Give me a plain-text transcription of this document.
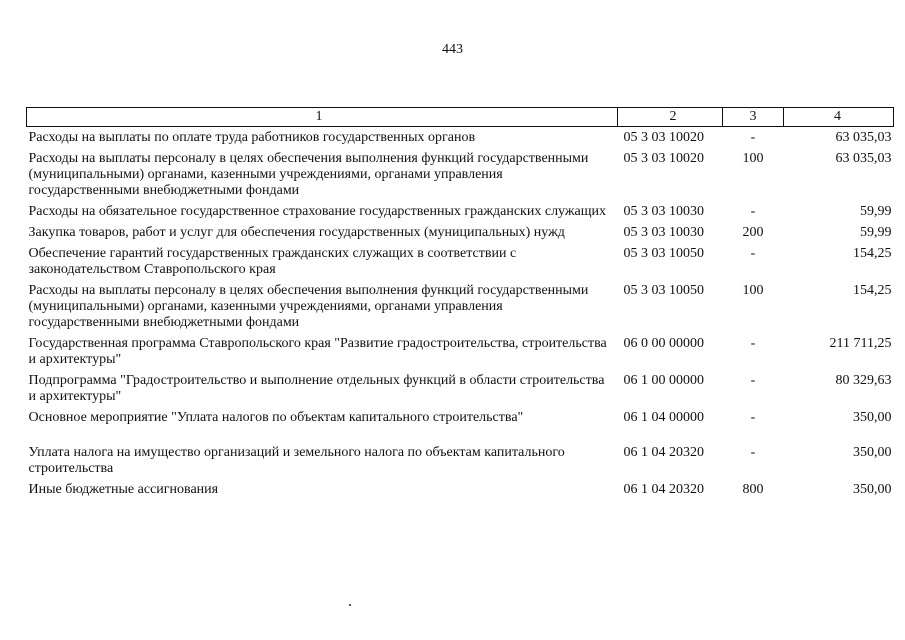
443
1	2	3	4
Расходы на выплаты по оплате труда работников государственных органов	05 3 03 10020	-	63 035,03
Расходы на выплаты персоналу в целях обеспечения выполнения функций государственными (муниципальными) органами, казенными учреждениями, органами управления государственными внебюджетными фондами	05 3 03 10020	100	63 035,03
Расходы на обязательное государственное страхование государственных гражданских служащих	05 3 03 10030	-	59,99
Закупка товаров, работ и услуг для обеспечения государственных (муниципальных) нужд	05 3 03 10030	200	59,99
Обеспечение гарантий государственных гражданских служащих в соответствии с законодательством Ставропольского края	05 3 03 10050	-	154,25
Расходы на выплаты персоналу в целях обеспечения выполнения функций государственными (муниципальными) органами, казенными учреждениями, органами управления государственными внебюджетными фондами	05 3 03 10050	100	154,25
Государственная программа Ставропольского края "Развитие градостроительства, строительства и архитектуры"	06 0 00 00000	-	211 711,25
Подпрограмма "Градостроительство и выполнение отдельных функций в области строительства и архитектуры"	06 1 00 00000	-	80 329,63
Основное мероприятие "Уплата налогов по объектам капитального строительства"	06 1 04 00000	-	350,00

Уплата налога на имущество организаций и земельного налога по объектам капитального строительства	06 1 04 20320	-	350,00
Иные бюджетные ассигнования	06 1 04 20320	800	350,00
